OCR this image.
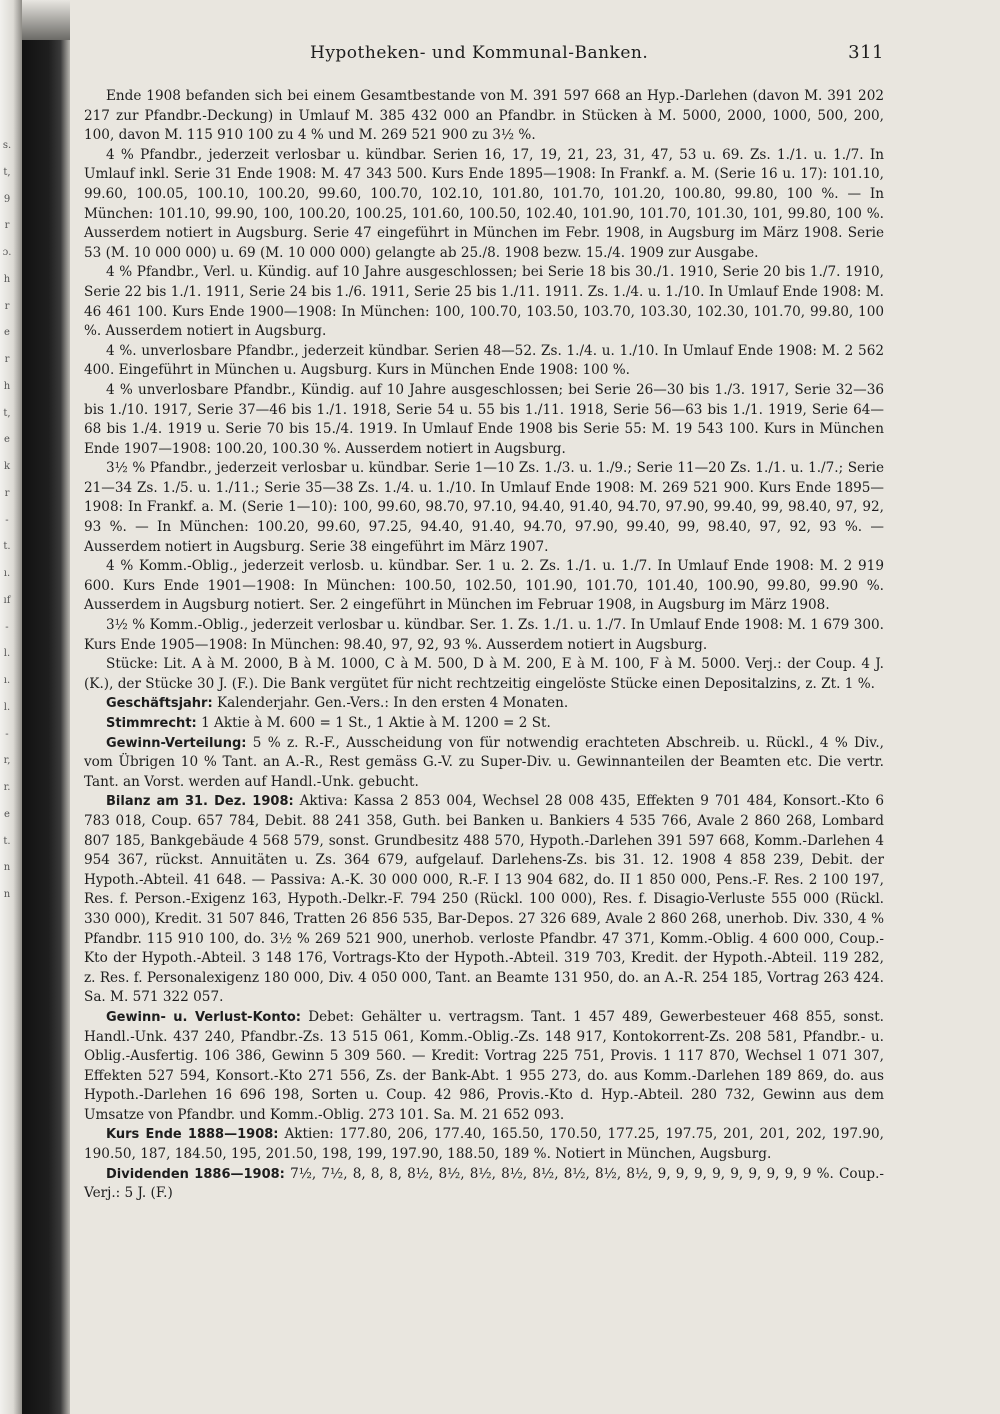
s.
t,
9
r
ɔ.
h
r
e
r
h
t,
e
k
r
-
t.
ı.
ıf
-
l.
ı.
l.
-
r,
r.
e
t.
n
n
Hypotheken- und Kommunal-Banken.	311

Ende 1908 befanden sich bei einem Gesamtbestande von M. 391 597 668 an Hyp.-Darlehen (davon M. 391 202 217 zur Pfandbr.-Deckung) in Umlauf M. 385 432 000 an Pfandbr. in Stücken à M. 5000, 2000, 1000, 500, 200, 100, davon M. 115 910 100 zu 4 % und M. 269 521 900 zu 3½ %.

4 % Pfandbr., jederzeit verlosbar u. kündbar. Serien 16, 17, 19, 21, 23, 31, 47, 53 u. 69. Zs. 1./1. u. 1./7. In Umlauf inkl. Serie 31 Ende 1908: M. 47 343 500. Kurs Ende 1895—1908: In Frankf. a. M. (Serie 16 u. 17): 101.10, 99.60, 100.05, 100.10, 100.20, 99.60, 100.70, 102.10, 101.80, 101.70, 101.20, 100.80, 99.80, 100 %. — In München: 101.10, 99.90, 100, 100.20, 100.25, 101.60, 100.50, 102.40, 101.90, 101.70, 101.30, 101, 99.80, 100 %. Ausserdem notiert in Augsburg. Serie 47 eingeführt in München im Febr. 1908, in Augsburg im März 1908. Serie 53 (M. 10 000 000) u. 69 (M. 10 000 000) gelangte ab 25./8. 1908 bezw. 15./4. 1909 zur Ausgabe.

4 % Pfandbr., Verl. u. Kündig. auf 10 Jahre ausgeschlossen; bei Serie 18 bis 30./1. 1910, Serie 20 bis 1./7. 1910, Serie 22 bis 1./1. 1911, Serie 24 bis 1./6. 1911, Serie 25 bis 1./11. 1911. Zs. 1./4. u. 1./10. In Umlauf Ende 1908: M. 46 461 100. Kurs Ende 1900—1908: In München: 100, 100.70, 103.50, 103.70, 103.30, 102.30, 101.70, 99.80, 100 %. Ausserdem notiert in Augsburg.

4 %. unverlosbare Pfandbr., jederzeit kündbar. Serien 48—52. Zs. 1./4. u. 1./10. In Umlauf Ende 1908: M. 2 562 400. Eingeführt in München u. Augsburg. Kurs in München Ende 1908: 100 %.

4 % unverlosbare Pfandbr., Kündig. auf 10 Jahre ausgeschlossen; bei Serie 26—30 bis 1./3. 1917, Serie 32—36 bis 1./10. 1917, Serie 37—46 bis 1./1. 1918, Serie 54 u. 55 bis 1./11. 1918, Serie 56—63 bis 1./1. 1919, Serie 64—68 bis 1./4. 1919 u. Serie 70 bis 15./4. 1919. In Umlauf Ende 1908 bis Serie 55: M. 19 543 100. Kurs in München Ende 1907—1908: 100.20, 100.30 %. Ausserdem notiert in Augsburg.

3½ % Pfandbr., jederzeit verlosbar u. kündbar. Serie 1—10 Zs. 1./3. u. 1./9.; Serie 11—20 Zs. 1./1. u. 1./7.; Serie 21—34 Zs. 1./5. u. 1./11.; Serie 35—38 Zs. 1./4. u. 1./10. In Umlauf Ende 1908: M. 269 521 900. Kurs Ende 1895—1908: In Frankf. a. M. (Serie 1—10): 100, 99.60, 98.70, 97.10, 94.40, 91.40, 94.70, 97.90, 99.40, 99, 98.40, 97, 92, 93 %. — In München: 100.20, 99.60, 97.25, 94.40, 91.40, 94.70, 97.90, 99.40, 99, 98.40, 97, 92, 93 %. — Ausserdem notiert in Augsburg. Serie 38 eingeführt im März 1907.

4 % Komm.-Oblig., jederzeit verlosb. u. kündbar. Ser. 1 u. 2. Zs. 1./1. u. 1./7. In Umlauf Ende 1908: M. 2 919 600. Kurs Ende 1901—1908: In München: 100.50, 102.50, 101.90, 101.70, 101.40, 100.90, 99.80, 99.90 %. Ausserdem in Augsburg notiert. Ser. 2 eingeführt in München im Februar 1908, in Augsburg im März 1908.

3½ % Komm.-Oblig., jederzeit verlosbar u. kündbar. Ser. 1. Zs. 1./1. u. 1./7. In Umlauf Ende 1908: M. 1 679 300. Kurs Ende 1905—1908: In München: 98.40, 97, 92, 93 %. Ausserdem notiert in Augsburg.

Stücke: Lit. A à M. 2000, B à M. 1000, C à M. 500, D à M. 200, E à M. 100, F à M. 5000. Verj.: der Coup. 4 J. (K.), der Stücke 30 J. (F.). Die Bank vergütet für nicht rechtzeitig eingelöste Stücke einen Depositalzins, z. Zt. 1 %.

Geschäftsjahr: Kalenderjahr. Gen.-Vers.: In den ersten 4 Monaten.

Stimmrecht: 1 Aktie à M. 600 = 1 St., 1 Aktie à M. 1200 = 2 St.

Gewinn-Verteilung: 5 % z. R.-F., Ausscheidung von für notwendig erachteten Abschreib. u. Rückl., 4 % Div., vom Übrigen 10 % Tant. an A.-R., Rest gemäss G.-V. zu Super-Div. u. Gewinnanteilen der Beamten etc. Die vertr. Tant. an Vorst. werden auf Handl.-Unk. gebucht.

Bilanz am 31. Dez. 1908: Aktiva: Kassa 2 853 004, Wechsel 28 008 435, Effekten 9 701 484, Konsort.-Kto 6 783 018, Coup. 657 784, Debit. 88 241 358, Guth. bei Banken u. Bankiers 4 535 766, Avale 2 860 268, Lombard 807 185, Bankgebäude 4 568 579, sonst. Grundbesitz 488 570, Hypoth.-Darlehen 391 597 668, Komm.-Darlehen 4 954 367, rückst. Annuitäten u. Zs. 364 679, aufgelauf. Darlehens-Zs. bis 31. 12. 1908 4 858 239, Debit. der Hypoth.-Abteil. 41 648. — Passiva: A.-K. 30 000 000, R.-F. I 13 904 682, do. II 1 850 000, Pens.-F. Res. 2 100 197, Res. f. Person.-Exigenz 163, Hypoth.-Delkr.-F. 794 250 (Rückl. 100 000), Res. f. Disagio-Verluste 555 000 (Rückl. 330 000), Kredit. 31 507 846, Tratten 26 856 535, Bar-Depos. 27 326 689, Avale 2 860 268, unerhob. Div. 330, 4 % Pfandbr. 115 910 100, do. 3½ % 269 521 900, unerhob. verloste Pfandbr. 47 371, Komm.-Oblig. 4 600 000, Coup.-Kto der Hypoth.-Abteil. 3 148 176, Vortrags-Kto der Hypoth.-Abteil. 319 703, Kredit. der Hypoth.-Abteil. 119 282, z. Res. f. Personalexigenz 180 000, Div. 4 050 000, Tant. an Beamte 131 950, do. an A.-R. 254 185, Vortrag 263 424. Sa. M. 571 322 057.

Gewinn- u. Verlust-Konto: Debet: Gehälter u. vertragsm. Tant. 1 457 489, Gewerbesteuer 468 855, sonst. Handl.-Unk. 437 240, Pfandbr.-Zs. 13 515 061, Komm.-Oblig.-Zs. 148 917, Kontokorrent-Zs. 208 581, Pfandbr.- u. Oblig.-Ausfertig. 106 386, Gewinn 5 309 560. — Kredit: Vortrag 225 751, Provis. 1 117 870, Wechsel 1 071 307, Effekten 527 594, Konsort.-Kto 271 556, Zs. der Bank-Abt. 1 955 273, do. aus Komm.-Darlehen 189 869, do. aus Hypoth.-Darlehen 16 696 198, Sorten u. Coup. 42 986, Provis.-Kto d. Hyp.-Abteil. 280 732, Gewinn aus dem Umsatze von Pfandbr. und Komm.-Oblig. 273 101. Sa. M. 21 652 093.

Kurs Ende 1888—1908: Aktien: 177.80, 206, 177.40, 165.50, 170.50, 177.25, 197.75, 201, 201, 202, 197.90, 190.50, 187, 184.50, 195, 201.50, 198, 199, 197.90, 188.50, 189 %. Notiert in München, Augsburg.

Dividenden 1886—1908: 7½, 7½, 8, 8, 8, 8½, 8½, 8½, 8½, 8½, 8½, 8½, 8½, 9, 9, 9, 9, 9, 9, 9, 9, 9 %. Coup.-Verj.: 5 J. (F.)
